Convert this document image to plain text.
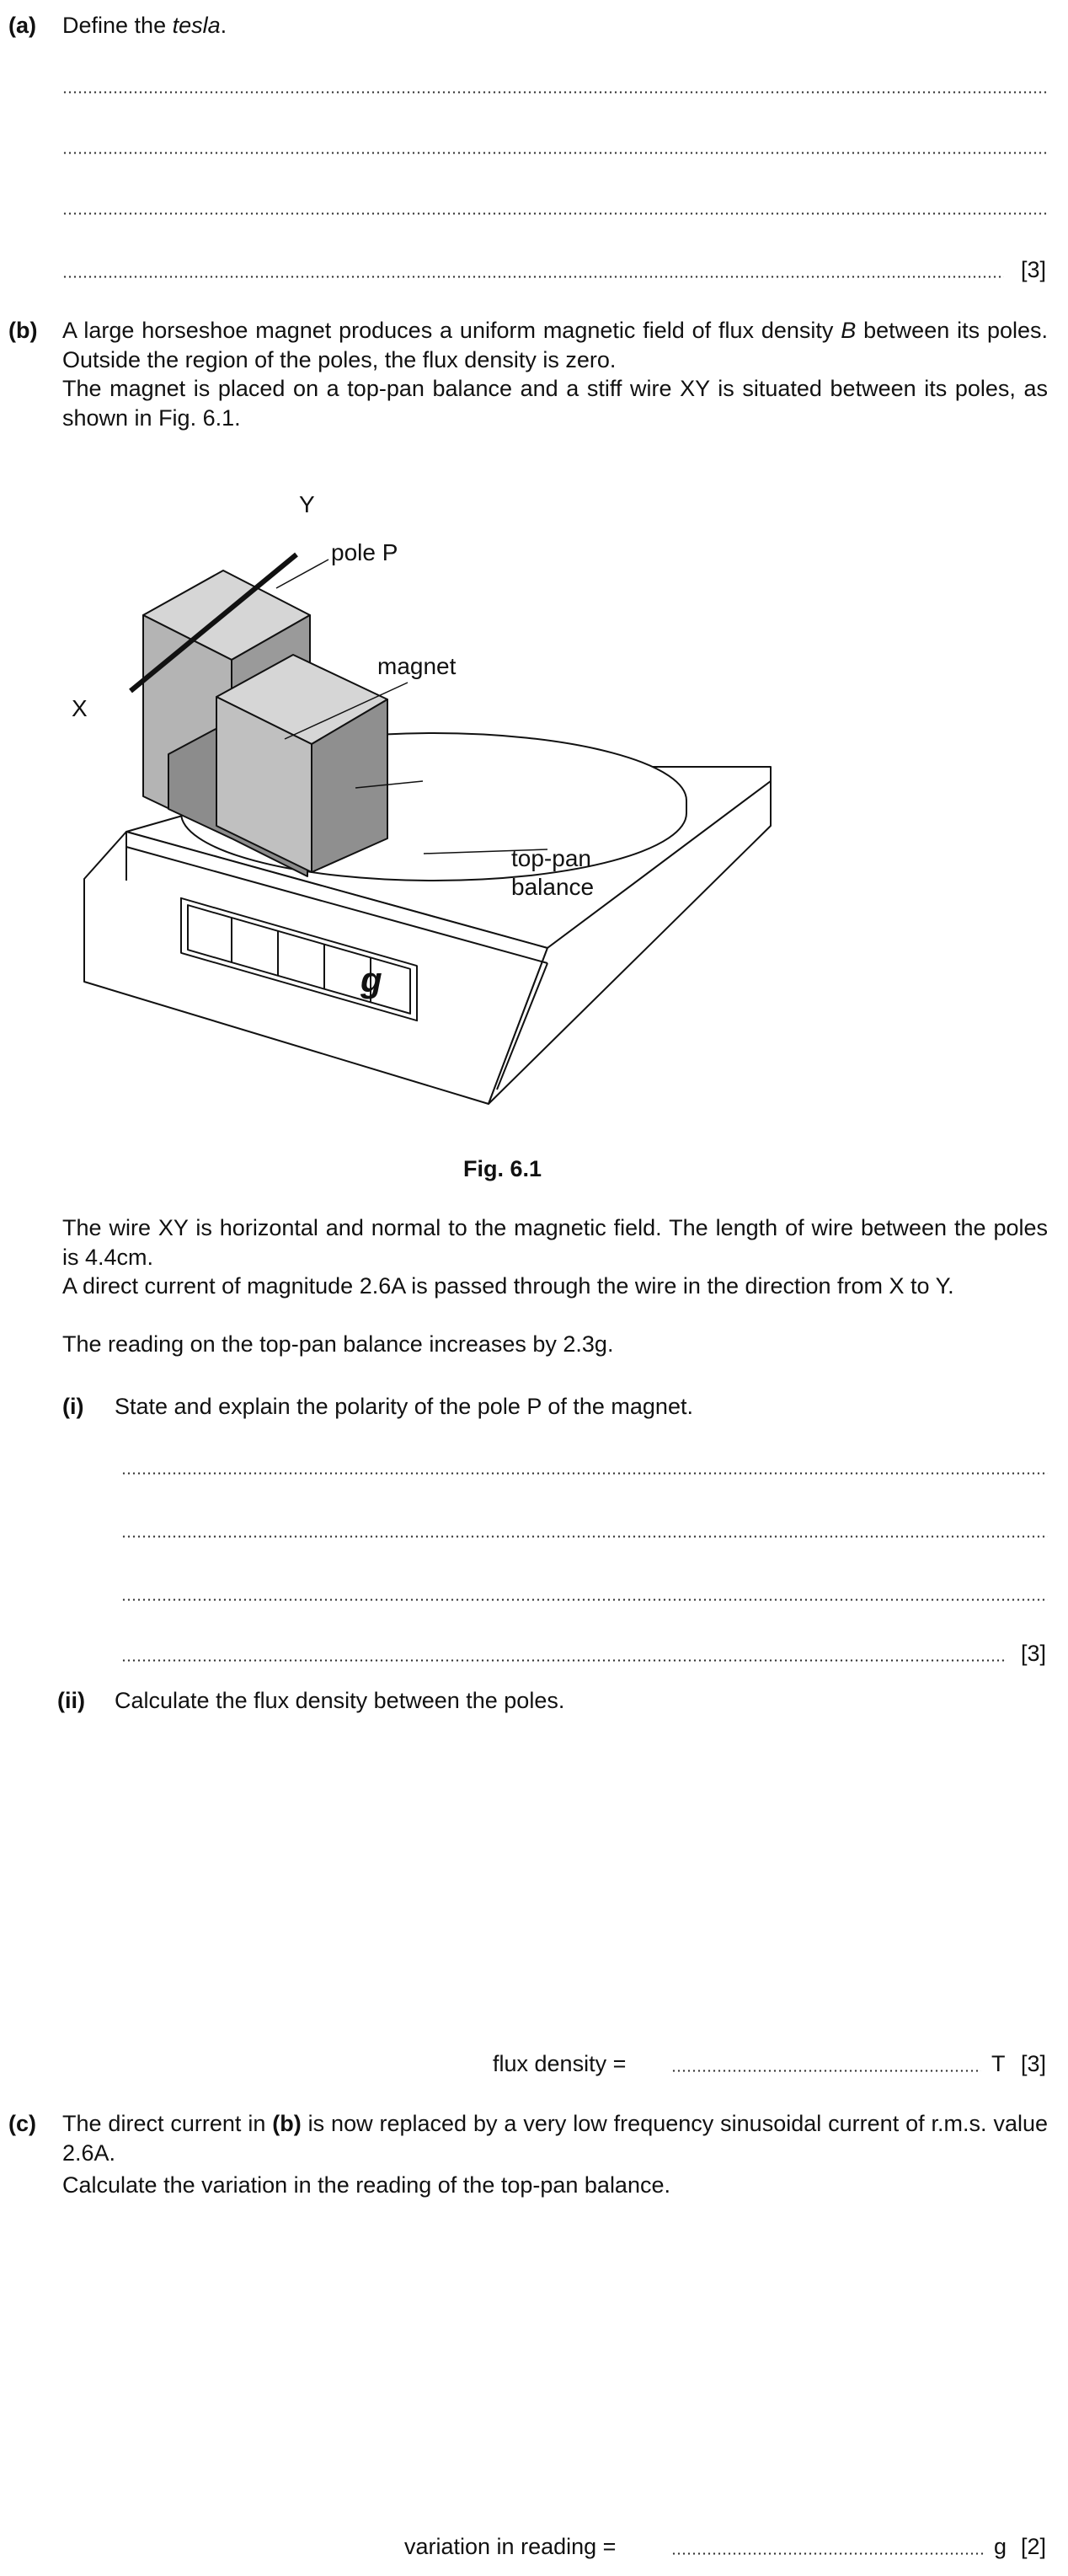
(a) Define the tesla.
[3]
(b) A large horseshoe magnet produces a uniform magnetic field of flux density B between its poles. Outside the region of the poles, the flux density is zero.
The magnet is placed on a top-pan balance and a stiff wire XY is situated between its poles, as shown in Fig. 6.1.
g
Y
X
pole P
magnet
top-pan
balance
Fig. 6.1
The wire XY is horizontal and normal to the magnetic field. The length of wire between the poles is 4.4cm.
A direct current of magnitude 2.6A is passed through the wire in the direction from X to Y.
The reading on the top-pan balance increases by 2.3g.
(i) State and explain the polarity of the pole P of the magnet.
[3]
(ii) Calculate the flux density between the poles.
flux density =	T [3]
(c) The direct current in (b) is now replaced by a very low frequency sinusoidal current of r.m.s. value 2.6A.
Calculate the variation in the reading of the top-pan balance.
variation in reading =	g [2]
